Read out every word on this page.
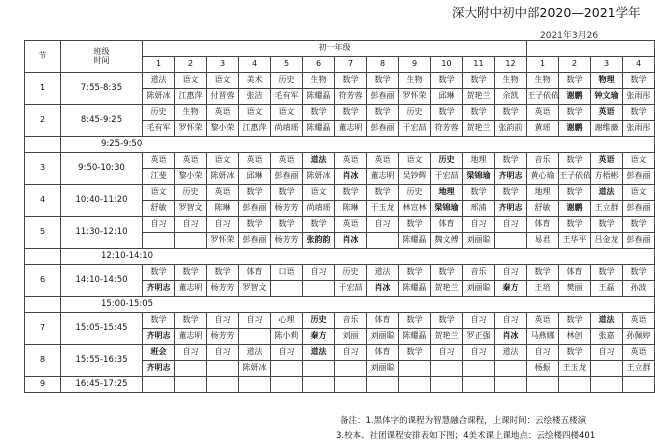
深大附中初中部2020—2021学年
2021年3月26
节	班级
时间	初一年级															
		1	2	3	4	5	6	7	8	9	10	11	12	1	2	3	4
1	7:55-8:35	道法	语文	语文	美术	历史	生物	数学	数学	生物	数学	数学	生物	生物	数学	物理	数学
		陈妍冰	江惠萍	付晋蓉	张洁	毛有军	陈耀磊	符芳蓉	彭春丽	罗怀荣	邱琳	贺艳兰	余凯	王子依依	谢鹏	钟文瑜	张雨彤
2	8:45-9:25	历史	生物	英语	语文	语文	数学	数学	数学	历史	数学	数学	数学	英语	数学	英语	数学
		毛有军	罗怀荣	黎小荣	江惠萍	尚靖瑶	陈耀磊	董志明	彭春丽	于宏喆	符芳蓉	贺艳兰	张韵前	黄瑶	谢鹏	谢维薇	张雨彤
	9:25-9:50																
3	9:50-10:30	英语	英语	语文	英语	英语	道法	英语	英语	语文	历史	地理	数学	音乐	数学	英语	语文
		江斐	黎小荣	陈妍冰	邱琳	彭春丽	陈妍冰	肖冰	董志明	吴钞辉	于宏喆	梁锦瑜	齐明志	黄心瑜	王子依依	方梧彬	彭春丽
4	10:40-11:20	语文	历史	英语	数学	数学	语文	数学	数学	历史	地理	数学	数学	地理	数学	道法	语文
		舒敏	罗智文	陈琳	彭春丽	杨芳芳	尚靖瑶	陈琳	于玉龙	林宣林	梁锦瑜	邢浦	齐明志	舒敏	谢鹏	王立群	彭春丽
5	11:30-12:10	自习	自习	自习	数学	数学	数学	英语	自习	数学	体育	自习	自习	体育	数学	数学	数学
				罗怀荣	彭春丽	杨芳芳	张韵韵	肖冰		陈耀磊	魏文傅	刘丽聪		易君	王华平	吕金龙	彭春丽
	12:10-14:10																
6	14:10-14:50	数学	数学	数学	体育	口语	自习	历史	道法	数学	数学	音乐	自习	数学	体育	数学	数学
		齐明志	董志明	杨芳芳	罗智文			于宏喆	肖冰	陈耀磊	贺艳兰	刘丽聪	秦方	王培	樊丽	王磊	孙波
	15:00-15:05																
7	15:05-15:45	数学	数学	自习	自习	心理	历史	音乐	体育	数学	数学	自习	自习	英语	数学	道法	英语
		齐明志	董志明	杨芳芳		陈小莉	秦方	刘丽	刘丽聪	陈耀磊	贺艳兰	罗正强	肖冰	马燕娜	林创	张嘉	孙佩婷
8	15:55-16:35	班会	自习	自习	道法	自习	道法	自习	体育	数学	自习	自习	道法	自习	数学	自习	英语
		齐明志			陈妍冰				刘丽聪					杨振	王玉龙		王立群
9	16:45-17:25																
备注：1.黑体字的课程为智慧融合课程，上课时间：云绘楼五楼演
3.校本、社团课程安排表如下图；4美术课上课地点：云绘楼四楼401
